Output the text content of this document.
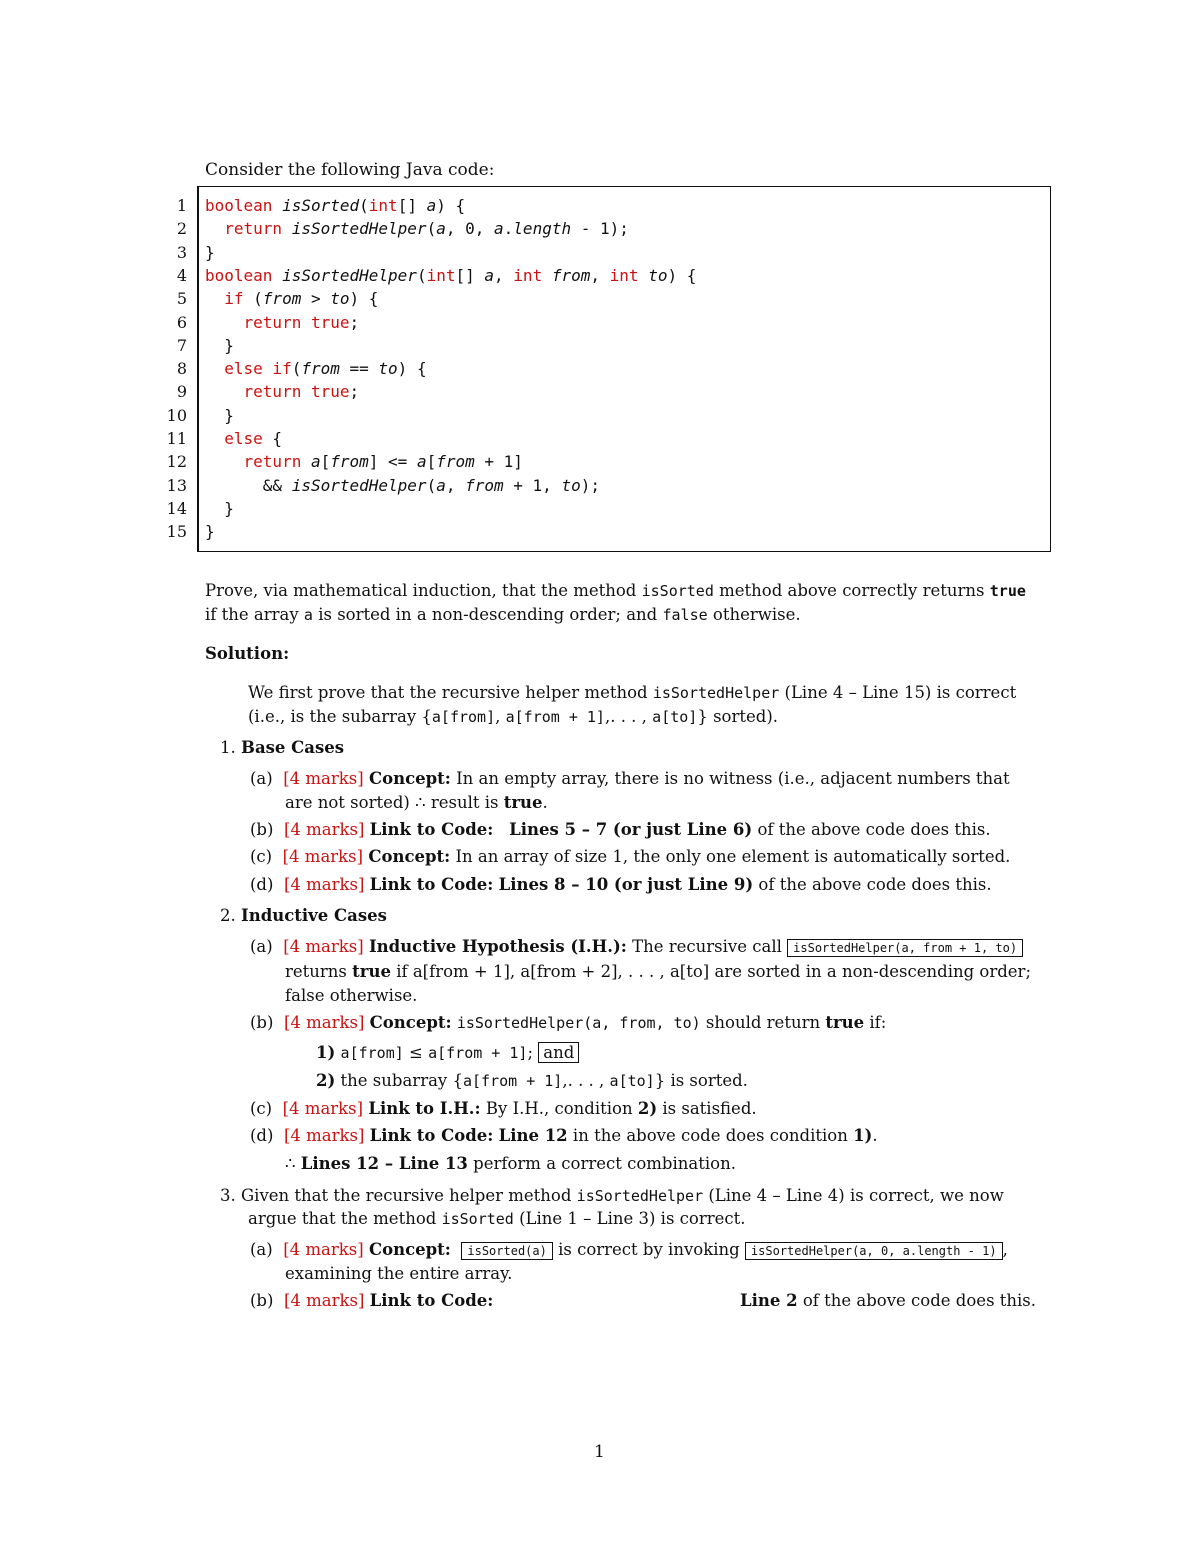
Consider the following Java code:
1 boolean isSorted(int[] a) {
2	return isSortedHelper(a, 0, a.length - 1);
3 }
4 boolean isSortedHelper(int[] a, int from, int to) {
5	if (from > to) {
6	return true;
7 }
8	else if(from == to) {
9	return true;
10 }
11	else {
12	return a[from] <= a[from + 1]
13 && isSortedHelper(a, from + 1, to);
14 }
15 }
Prove, via mathematical induction, that the method isSorted method above correctly returns true
if the array a is sorted in a non-descending order; and false otherwise.
Solution:
We first prove that the recursive helper method isSortedHelper (Line 4 – Line 15) is correct
(i.e., is the subarray {a[from], a[from + 1],. . . , a[to]} sorted).
1. Base Cases
(a) [4 marks] Concept: In an empty array, there is no witness (i.e., adjacent numbers that
are not sorted) ∴ result is true.
(b) [4 marks] Link to Code: Lines 5 – 7 (or just Line 6) of the above code does this.
(c) [4 marks] Concept: In an array of size 1, the only one element is automatically sorted.
(d) [4 marks] Link to Code: Lines 8 – 10 (or just Line 9) of the above code does this.
2. Inductive Cases
(a) [4 marks] Inductive Hypothesis (I.H.): The recursive call isSortedHelper(a, from + 1, to)
returns true if a[from + 1], a[from + 2], . . . , a[to] are sorted in a non-descending order;
false otherwise.
(b) [4 marks] Concept: isSortedHelper(a, from, to) should return true if:
1) a[from] ≤ a[from + 1]; and
2) the subarray {a[from + 1],. . . , a[to]} is sorted.
(c) [4 marks] Link to I.H.: By I.H., condition 2) is satisfied.
(d) [4 marks] Link to Code: Line 12 in the above code does condition 1).
∴ Lines 12 – Line 13 perform a correct combination.
3. Given that the recursive helper method isSortedHelper (Line 4 – Line 4) is correct, we now
argue that the method isSorted (Line 1 – Line 3) is correct.
(a) [4 marks] Concept: isSorted(a) is correct by invoking isSortedHelper(a, 0, a.length - 1) ,
examining the entire array.
(b) [4 marks] Link to Code:	Line 2 of the above code does this.
1
